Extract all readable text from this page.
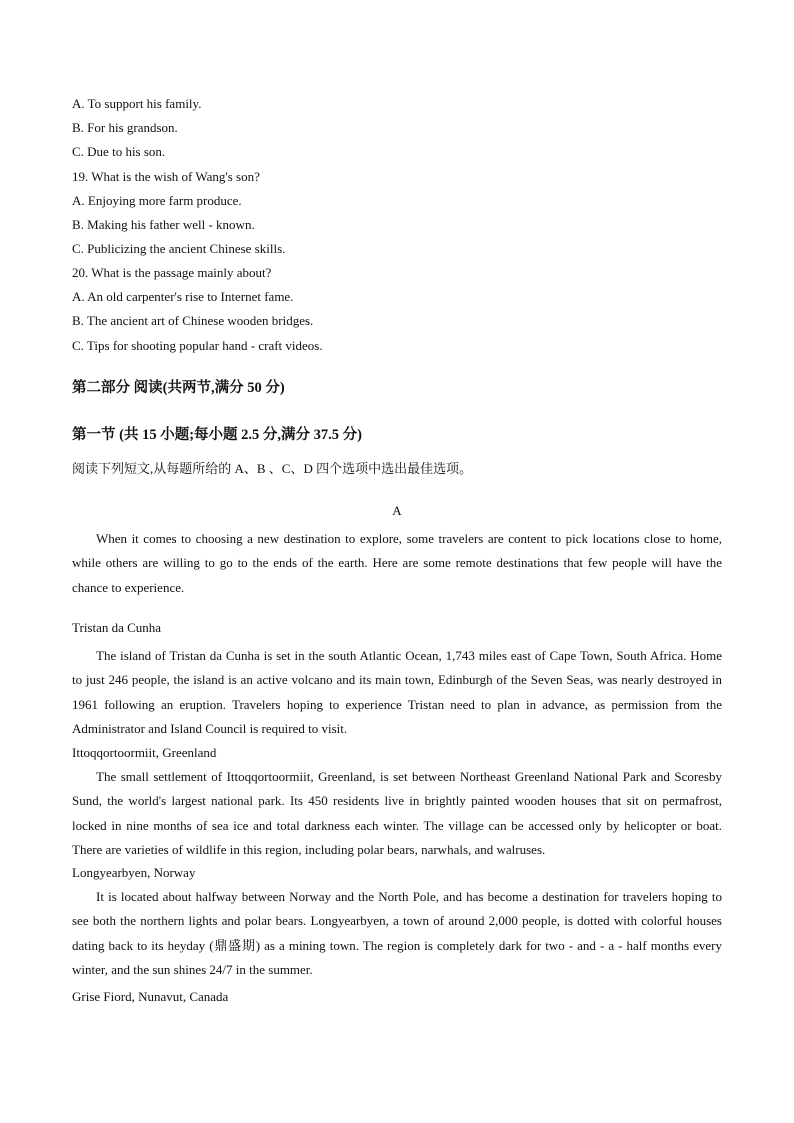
A. To support his family.
B. For his grandson.
C. Due to his son.
19. What is the wish of Wang's son?
A. Enjoying more farm produce.
B. Making his father well - known.
C. Publicizing the ancient Chinese skills.
20. What is the passage mainly about?
A. An old carpenter's rise to Internet fame.
B. The ancient art of Chinese wooden bridges.
C. Tips for shooting popular hand - craft videos.
第二部分 阅读(共两节,满分 50 分)
第一节 (共 15 小题;每小题 2.5 分,满分 37.5 分)
阅读下列短文,从每题所给的 A、B 、C、D 四个选项中选出最佳选项。
A

When it comes to choosing a new destination to explore, some travelers are content to pick locations close to home, while others are willing to go to the ends of the earth. Here are some remote destinations that few people will have the chance to experience.

Tristan da Cunha

The island of Tristan da Cunha is set in the south Atlantic Ocean, 1,743 miles east of Cape Town, South Africa. Home to just 246 people, the island is an active volcano and its main town, Edinburgh of the Seven Seas, was nearly destroyed in 1961 following an eruption. Travelers hoping to experience Tristan need to plan in advance, as permission from the Administrator and Island Council is required to visit.

Ittoqqortoormiit, Greenland

The small settlement of Ittoqqortoormiit, Greenland, is set between Northeast Greenland National Park and Scoresby Sund, the world's largest national park. Its 450 residents live in brightly painted wooden houses that sit on permafrost, locked in nine months of sea ice and total darkness each winter. The village can be accessed only by helicopter or boat. There are varieties of wildlife in this region, including polar bears, narwhals, and walruses.

Longyearbyen, Norway

It is located about halfway between Norway and the North Pole, and has become a destination for travelers hoping to see both the northern lights and polar bears. Longyearbyen, a town of around 2,000 people, is dotted with colorful houses dating back to its heyday (鼎盛期) as a mining town. The region is completely dark for two - and - a - half months every winter, and the sun shines 24/7 in the summer.

Grise Fiord, Nunavut, Canada
